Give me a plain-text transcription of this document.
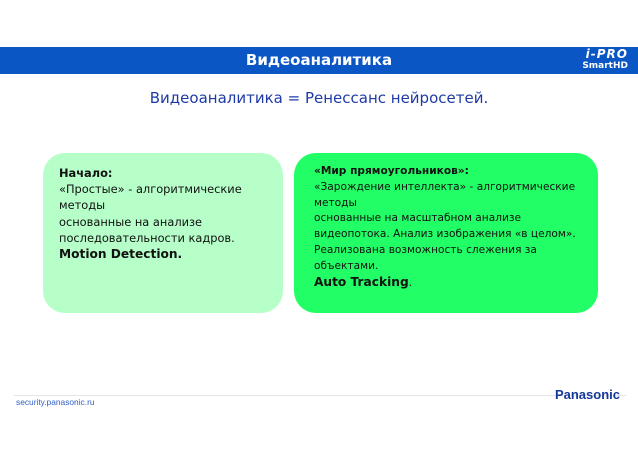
Видеоаналитика	i-PRO
SmartHD
Видеоаналитика = Ренессанс нейросетей.
Начало:
«Простые» - алгоритмические
методы
основанные на анализе
последовательности кадров.
Motion Detection.
«Мир прямоугольников»:
«Зарождение интеллекта» - алгоритмические
методы
основанные на масштабном анализе
видеопотока. Анализ изображения «в целом».
Реализована возможность слежения за
объектами.
Auto Tracking.
security.panasonic.ru	Panasonic
